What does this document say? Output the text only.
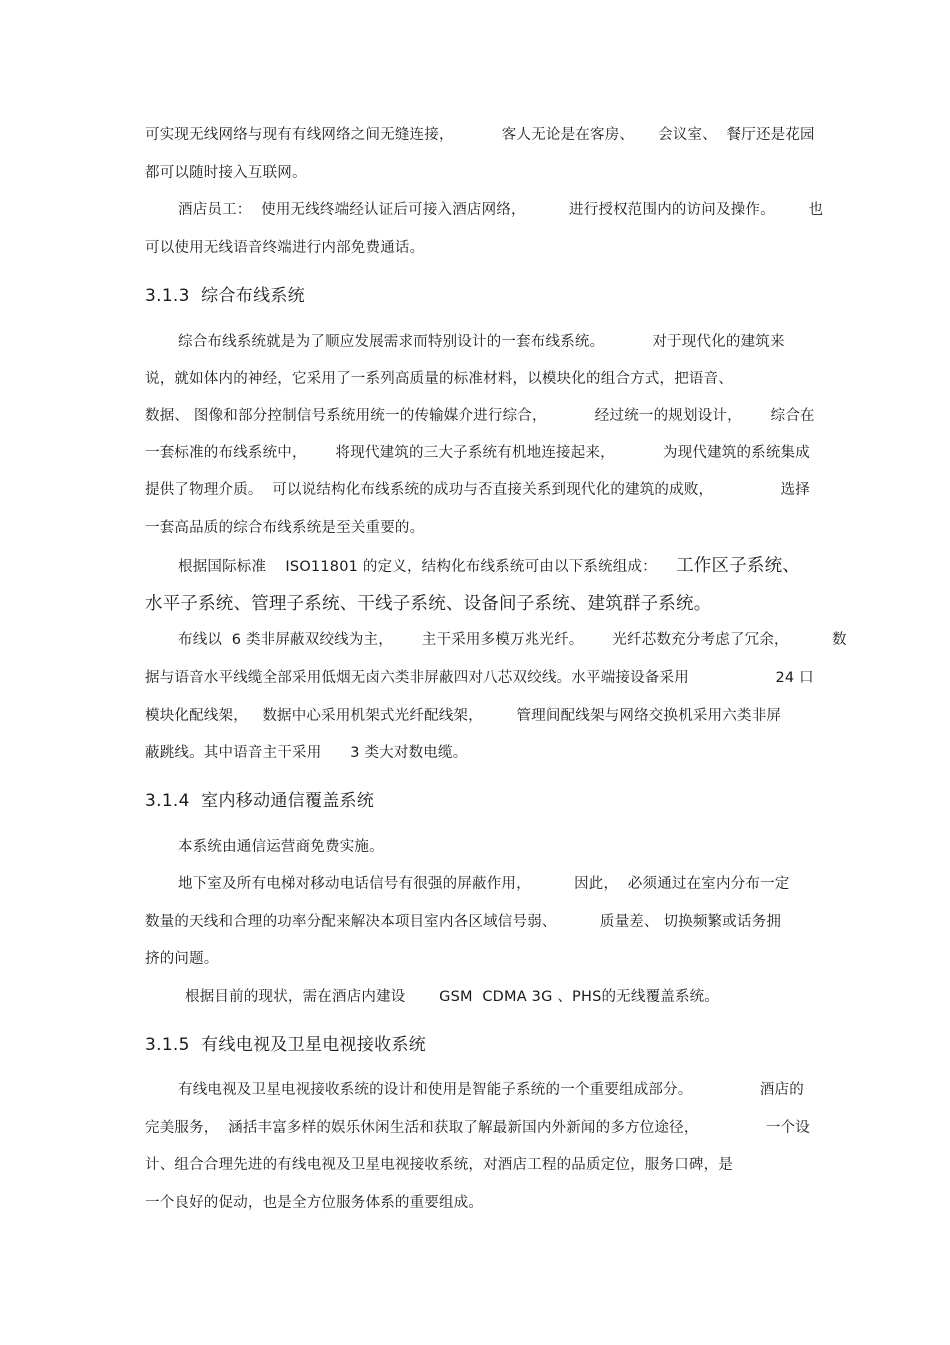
可实现无线网络与现有有线网络之间无缝连接，          客人无论是在客房、     会议室、  餐厅还是花园
都可以随时接入互联网。
酒店员工：  使用无线终端经认证后可接入酒店网络，         进行授权范围内的访问及操作。       也
可以使用无线语音终端进行内部免费通话。
3.1.3  综合布线系统
综合布线系统就是为了顺应发展需求而特别设计的一套布线系统。          对于现代化的建筑来
说，就如体内的神经，它采用了一系列高质量的标准材料，以模块化的组合方式，把语音、
数据、 图像和部分控制信号系统用统一的传输媒介进行综合，          经过统一的规划设计，      综合在
一套标准的布线系统中，      将现代建筑的三大子系统有机地连接起来，          为现代建筑的系统集成
提供了物理介质。  可以说结构化布线系统的成功与否直接关系到现代化的建筑的成败，              选择
一套高品质的综合布线系统是至关重要的。
根据国际标准    ISO11801 的定义，结构化布线系统可由以下系统组成：    工作区子系统、
水平子系统、管理子系统、干线子系统、设备间子系统、建筑群子系统。
布线以  6 类非屏蔽双绞线为主，      主干采用多模万兆光纤。      光纤芯数充分考虑了冗余，         数
据与语音水平线缆全部采用低烟无卤六类非屏蔽四对八芯双绞线。水平端接设备采用                  24 口
模块化配线架，   数据中心采用机架式光纤配线架，       管理间配线架与网络交换机采用六类非屏
蔽跳线。其中语音主干采用      3 类大对数电缆。
3.1.4  室内移动通信覆盖系统
本系统由通信运营商免费实施。
地下室及所有电梯对移动电话信号有很强的屏蔽作用，         因此，  必须通过在室内分布一定
数量的天线和合理的功率分配来解决本项目室内各区域信号弱、         质量差、 切换频繁或话务拥
挤的问题。
根据目前的现状，需在酒店内建设       GSM  CDMA 3G 、PHS的无线覆盖系统。
3.1.5  有线电视及卫星电视接收系统
有线电视及卫星电视接收系统的设计和使用是智能子系统的一个重要组成部分。              酒店的
完美服务，  涵括丰富多样的娱乐休闲生活和获取了解最新国内外新闻的多方位途径，              一个设
计、组合合理先进的有线电视及卫星电视接收系统，对酒店工程的品质定位，服务口碑，是
一个良好的促动，也是全方位服务体系的重要组成。
